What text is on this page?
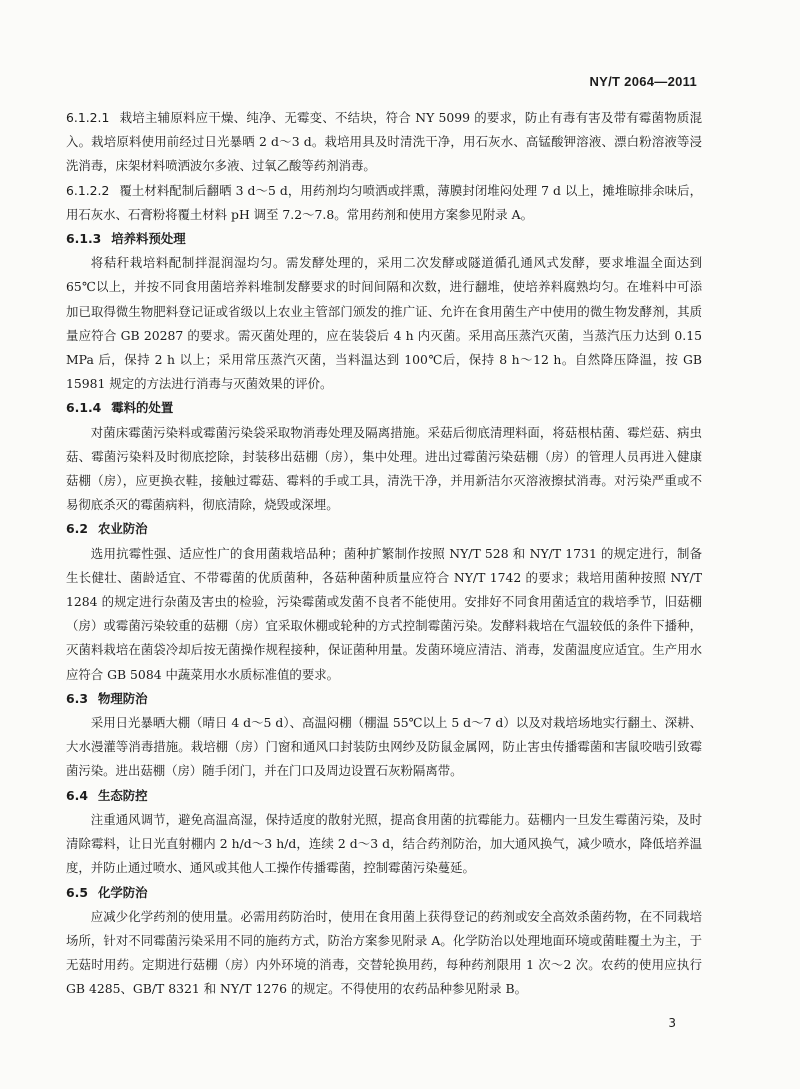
NY/T 2064—2011

6.1.2.1 栽培主辅原料应干燥、纯净、无霉变、不结块，符合 NY 5099 的要求，防止有毒有害及带有霉菌物质混入。栽培原料使用前经过日光暴晒 2 d～3 d。栽培用具及时清洗干净，用石灰水、高锰酸钾溶液、漂白粉溶液等浸洗消毒，床架材料喷洒波尔多液、过氧乙酸等药剂消毒。

6.1.2.2 覆土材料配制后翻晒 3 d～5 d，用药剂均匀喷洒或拌熏，薄膜封闭堆闷处理 7 d 以上，摊堆晾排余味后，用石灰水、石膏粉将覆土材料 pH 调至 7.2～7.8。常用药剂和使用方案参见附录 A。

6.1.3 培养料预处理

将秸秆栽培料配制拌混润湿均匀。需发酵处理的，采用二次发酵或隧道循孔通风式发酵，要求堆温全面达到 65℃以上，并按不同食用菌培养料堆制发酵要求的时间间隔和次数，进行翻堆，使培养料腐熟均匀。在堆料中可添加已取得微生物肥料登记证或省级以上农业主管部门颁发的推广证、允许在食用菌生产中使用的微生物发酵剂，其质量应符合 GB 20287 的要求。需灭菌处理的，应在装袋后 4 h 内灭菌。采用高压蒸汽灭菌，当蒸汽压力达到 0.15 MPa 后，保持 2 h 以上；采用常压蒸汽灭菌，当料温达到 100℃后，保持 8 h～12 h。自然降压降温，按 GB 15981 规定的方法进行消毒与灭菌效果的评价。

6.1.4 霉料的处置

对菌床霉菌污染料或霉菌污染袋采取物消毒处理及隔离措施。采菇后彻底清理料面，将菇根枯菌、霉烂菇、病虫菇、霉菌污染料及时彻底挖除，封装移出菇棚（房），集中处理。进出过霉菌污染菇棚（房）的管理人员再进入健康菇棚（房），应更换衣鞋，接触过霉菇、霉料的手或工具，清洗干净，并用新洁尔灭溶液擦拭消毒。对污染严重或不易彻底杀灭的霉菌病料，彻底清除，烧毁或深埋。

6.2 农业防治

选用抗霉性强、适应性广的食用菌栽培品种；菌种扩繁制作按照 NY/T 528 和 NY/T 1731 的规定进行，制备生长健壮、菌龄适宜、不带霉菌的优质菌种，各菇种菌种质量应符合 NY/T 1742 的要求；栽培用菌种按照 NY/T 1284 的规定进行杂菌及害虫的检验，污染霉菌或发菌不良者不能使用。安排好不同食用菌适宜的栽培季节，旧菇棚（房）或霉菌污染较重的菇棚（房）宜采取休棚或轮种的方式控制霉菌污染。发酵料栽培在气温较低的条件下播种，灭菌料栽培在菌袋冷却后按无菌操作规程接种，保证菌种用量。发菌环境应清洁、消毒，发菌温度应适宜。生产用水应符合 GB 5084 中蔬菜用水水质标准值的要求。

6.3 物理防治

采用日光暴晒大棚（晴日 4 d～5 d）、高温闷棚（棚温 55℃以上 5 d～7 d）以及对栽培场地实行翻土、深耕、大水漫灌等消毒措施。栽培棚（房）门窗和通风口封装防虫网纱及防鼠金属网，防止害虫传播霉菌和害鼠咬啮引致霉菌污染。进出菇棚（房）随手闭门，并在门口及周边设置石灰粉隔离带。

6.4 生态防控

注重通风调节，避免高温高湿，保持适度的散射光照，提高食用菌的抗霉能力。菇棚内一旦发生霉菌污染，及时清除霉料，让日光直射棚内 2 h/d～3 h/d，连续 2 d～3 d，结合药剂防治，加大通风换气，减少喷水，降低培养温度，并防止通过喷水、通风或其他人工操作传播霉菌，控制霉菌污染蔓延。

6.5 化学防治

应减少化学药剂的使用量。必需用药防治时，使用在食用菌上获得登记的药剂或安全高效杀菌药物，在不同栽培场所，针对不同霉菌污染采用不同的施药方式，防治方案参见附录 A。化学防治以处理地面环境或菌畦覆土为主，于无菇时用药。定期进行菇棚（房）内外环境的消毒，交替轮换用药，每种药剂限用 1 次～2 次。农药的使用应执行 GB 4285、GB/T 8321 和 NY/T 1276 的规定。不得使用的农药品种参见附录 B。

3
